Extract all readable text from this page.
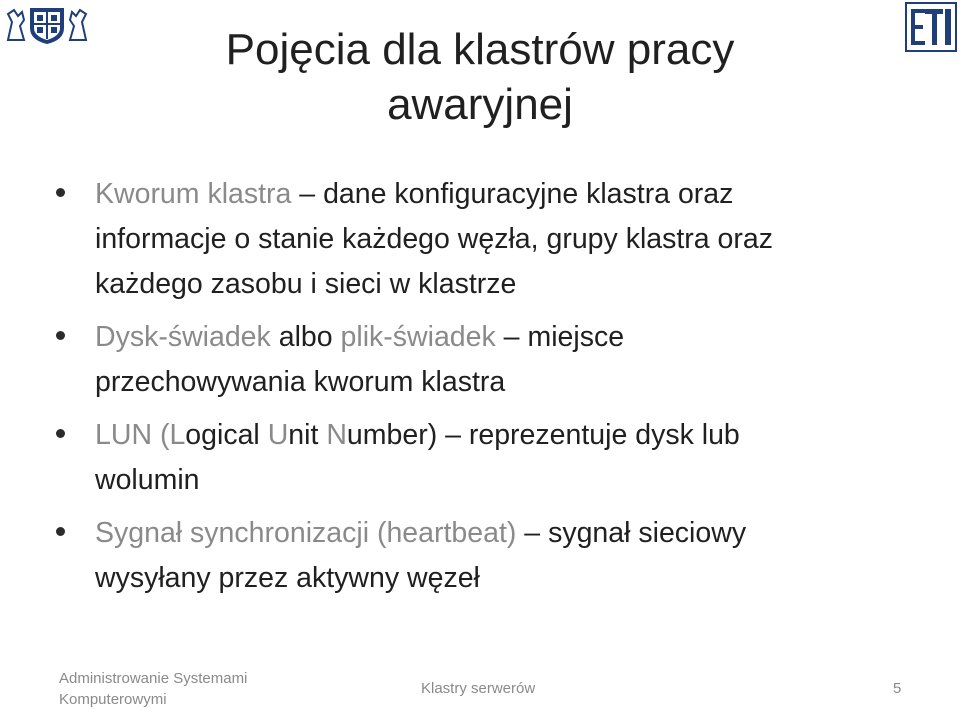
Pojęcia dla klastrów pracy
awaryjnej
Kworum klastra – dane konfiguracyjne klastra oraz
informacje o stanie każdego węzła, grupy klastra oraz
każdego zasobu i sieci w klastrze
Dysk-świadek albo plik-świadek – miejsce
przechowywania kworum klastra
LUN (Logical Unit Number) – reprezentuje dysk lub
wolumin
Sygnał synchronizacji (heartbeat) – sygnał sieciowy
wysyłany przez aktywny węzeł
Administrowanie Systemami
Komputerowymi
Klastry serwerów	5
